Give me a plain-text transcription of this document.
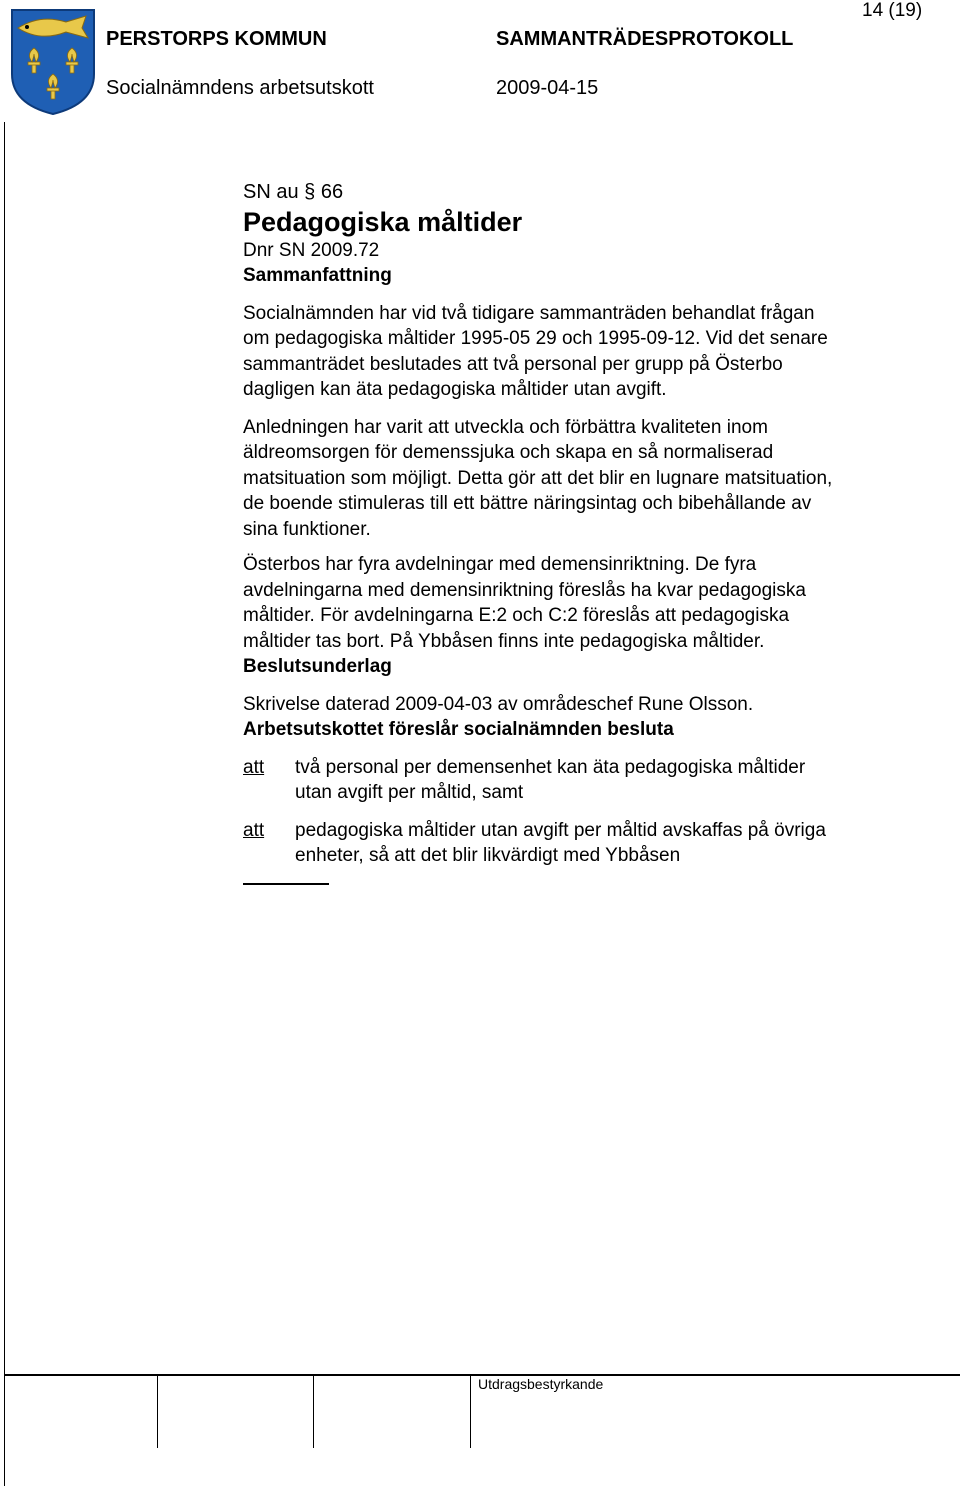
PERSTORPS KOMMUN	SAMMANTRÄDESPROTOKOLL
Socialnämndens arbetsutskott	2009-04-15
14 (19)

SN au § 66

Pedagogiska måltider

Dnr SN 2009.72

Sammanfattning

Socialnämnden har vid två tidigare sammanträden behandlat frågan om pedagogiska måltider 1995-05 29 och 1995-09-12. Vid det senare sammanträdet beslutades att två personal per grupp på Österbo dagligen kan äta pedagogiska måltider utan avgift.

Anledningen har varit att utveckla och förbättra kvaliteten inom äldreomsorgen för demenssjuka och skapa en så normaliserad matsituation som möjligt. Detta gör att det blir en lugnare matsituation, de boende stimuleras till ett bättre näringsintag och bibehållande av sina funktioner.

Österbos har fyra avdelningar med demensinriktning. De fyra avdelningarna med demensinriktning föreslås ha kvar pedagogiska måltider. För avdelningarna E:2 och C:2 föreslås att pedagogiska måltider tas bort. På Ybbåsen finns inte pedagogiska måltider.

Beslutsunderlag

Skrivelse daterad 2009-04-03 av områdeschef Rune Olsson.

Arbetsutskottet föreslår socialnämnden besluta

att	två personal per demensenhet kan äta pedagogiska måltider utan avgift per måltid, samt
att	pedagogiska måltider utan avgift per måltid avskaffas på övriga enheter, så att det blir likvärdigt med Ybbåsen
Utdragsbestyrkande
